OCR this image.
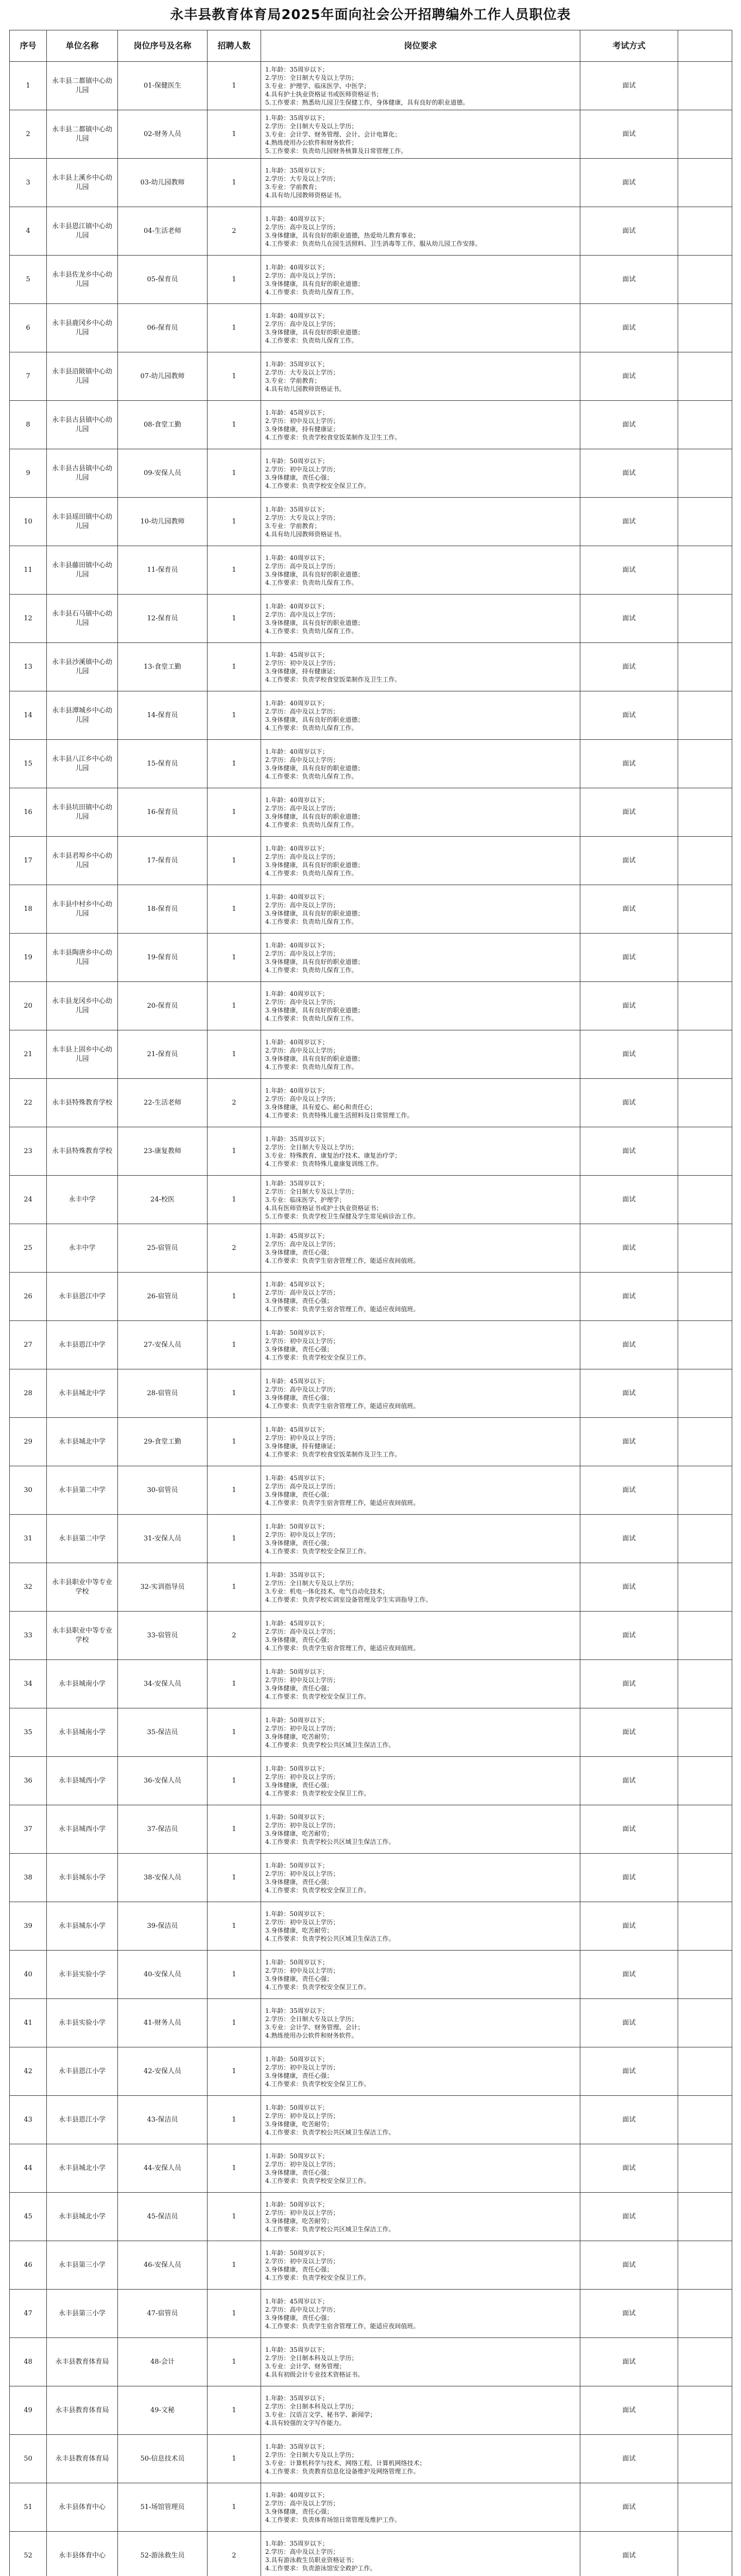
永丰县教育体育局2025年面向社会公开招聘编外工作人员职位表
序号	单位名称	岗位序号及名称	招聘人数	岗位要求	考试方式	
1	永丰县二都镇中心幼儿园	01-保健医生	1	1.年龄：35周岁以下；
2.学历：全日制大专及以上学历；
3.专业：护理学、临床医学、中医学；
4.具有护士执业资格证书或医师资格证书；
5.工作要求：熟悉幼儿园卫生保健工作，身体健康，具有良好的职业道德。	面试	
2	永丰县二都镇中心幼儿园	02-财务人员	1	1.年龄：35周岁以下；
2.学历：全日制大专及以上学历；
3.专业：会计学、财务管理、会计、会计电算化；
4.熟练使用办公软件和财务软件；
5.工作要求：负责幼儿园财务核算及日常管理工作。	面试	
3	永丰县上溪乡中心幼儿园	03-幼儿园教师	1	1.年龄：35周岁以下；
2.学历：大专及以上学历；
3.专业：学前教育；
4.具有幼儿园教师资格证书。	面试	
4	永丰县恩江镇中心幼儿园	04-生活老师	2	1.年龄：40周岁以下；
2.学历：高中及以上学历；
3.身体健康，具有良好的职业道德，热爱幼儿教育事业；
4.工作要求：负责幼儿在园生活照料、卫生消毒等工作，服从幼儿园工作安排。	面试	
5	永丰县佐龙乡中心幼儿园	05-保育员	1	1.年龄：40周岁以下；
2.学历：高中及以上学历；
3.身体健康，具有良好的职业道德；
4.工作要求：负责幼儿保育工作。	面试	
6	永丰县鹿冈乡中心幼儿园	06-保育员	1	1.年龄：40周岁以下；
2.学历：高中及以上学历；
3.身体健康，具有良好的职业道德；
4.工作要求：负责幼儿保育工作。	面试	
7	永丰县沿陂镇中心幼儿园	07-幼儿园教师	1	1.年龄：35周岁以下；
2.学历：大专及以上学历；
3.专业：学前教育；
4.具有幼儿园教师资格证书。	面试	
8	永丰县古县镇中心幼儿园	08-食堂工勤	1	1.年龄：45周岁以下；
2.学历：初中及以上学历；
3.身体健康，持有健康证；
4.工作要求：负责学校食堂饭菜制作及卫生工作。	面试	
9	永丰县古县镇中心幼儿园	09-安保人员	1	1.年龄：50周岁以下；
2.学历：初中及以上学历；
3.身体健康，责任心强；
4.工作要求：负责学校安全保卫工作。	面试	
10	永丰县瑶田镇中心幼儿园	10-幼儿园教师	1	1.年龄：35周岁以下；
2.学历：大专及以上学历；
3.专业：学前教育；
4.具有幼儿园教师资格证书。	面试	
11	永丰县藤田镇中心幼儿园	11-保育员	1	1.年龄：40周岁以下；
2.学历：高中及以上学历；
3.身体健康，具有良好的职业道德；
4.工作要求：负责幼儿保育工作。	面试	
12	永丰县石马镇中心幼儿园	12-保育员	1	1.年龄：40周岁以下；
2.学历：高中及以上学历；
3.身体健康，具有良好的职业道德；
4.工作要求：负责幼儿保育工作。	面试	
13	永丰县沙溪镇中心幼儿园	13-食堂工勤	1	1.年龄：45周岁以下；
2.学历：初中及以上学历；
3.身体健康，持有健康证；
4.工作要求：负责学校食堂饭菜制作及卫生工作。	面试	
14	永丰县潭城乡中心幼儿园	14-保育员	1	1.年龄：40周岁以下；
2.学历：高中及以上学历；
3.身体健康，具有良好的职业道德；
4.工作要求：负责幼儿保育工作。	面试	
15	永丰县八江乡中心幼儿园	15-保育员	1	1.年龄：40周岁以下；
2.学历：高中及以上学历；
3.身体健康，具有良好的职业道德；
4.工作要求：负责幼儿保育工作。	面试	
16	永丰县坑田镇中心幼儿园	16-保育员	1	1.年龄：40周岁以下；
2.学历：高中及以上学历；
3.身体健康，具有良好的职业道德；
4.工作要求：负责幼儿保育工作。	面试	
17	永丰县君埠乡中心幼儿园	17-保育员	1	1.年龄：40周岁以下；
2.学历：高中及以上学历；
3.身体健康，具有良好的职业道德；
4.工作要求：负责幼儿保育工作。	面试	
18	永丰县中村乡中心幼儿园	18-保育员	1	1.年龄：40周岁以下；
2.学历：高中及以上学历；
3.身体健康，具有良好的职业道德；
4.工作要求：负责幼儿保育工作。	面试	
19	永丰县陶唐乡中心幼儿园	19-保育员	1	1.年龄：40周岁以下；
2.学历：高中及以上学历；
3.身体健康，具有良好的职业道德；
4.工作要求：负责幼儿保育工作。	面试	
20	永丰县龙冈乡中心幼儿园	20-保育员	1	1.年龄：40周岁以下；
2.学历：高中及以上学历；
3.身体健康，具有良好的职业道德；
4.工作要求：负责幼儿保育工作。	面试	
21	永丰县上固乡中心幼儿园	21-保育员	1	1.年龄：40周岁以下；
2.学历：高中及以上学历；
3.身体健康，具有良好的职业道德；
4.工作要求：负责幼儿保育工作。	面试	
22	永丰县特殊教育学校	22-生活老师	2	1.年龄：40周岁以下；
2.学历：高中及以上学历；
3.身体健康，具有爱心、耐心和责任心；
4.工作要求：负责特殊儿童生活照料及日常管理工作。	面试	
23	永丰县特殊教育学校	23-康复教师	1	1.年龄：35周岁以下；
2.学历：全日制大专及以上学历；
3.专业：特殊教育、康复治疗技术、康复治疗学；
4.工作要求：负责特殊儿童康复训练工作。	面试	
24	永丰中学	24-校医	1	1.年龄：35周岁以下；
2.学历：全日制大专及以上学历；
3.专业：临床医学、护理学；
4.具有医师资格证书或护士执业资格证书；
5.工作要求：负责学校卫生保健及学生常见病诊治工作。	面试	
25	永丰中学	25-宿管员	2	1.年龄：45周岁以下；
2.学历：高中及以上学历；
3.身体健康，责任心强；
4.工作要求：负责学生宿舍管理工作，能适应夜间值班。	面试	
26	永丰县恩江中学	26-宿管员	1	1.年龄：45周岁以下；
2.学历：高中及以上学历；
3.身体健康，责任心强；
4.工作要求：负责学生宿舍管理工作，能适应夜间值班。	面试	
27	永丰县恩江中学	27-安保人员	1	1.年龄：50周岁以下；
2.学历：初中及以上学历；
3.身体健康，责任心强；
4.工作要求：负责学校安全保卫工作。	面试	
28	永丰县城北中学	28-宿管员	1	1.年龄：45周岁以下；
2.学历：高中及以上学历；
3.身体健康，责任心强；
4.工作要求：负责学生宿舍管理工作，能适应夜间值班。	面试	
29	永丰县城北中学	29-食堂工勤	1	1.年龄：45周岁以下；
2.学历：初中及以上学历；
3.身体健康，持有健康证；
4.工作要求：负责学校食堂饭菜制作及卫生工作。	面试	
30	永丰县第二中学	30-宿管员	1	1.年龄：45周岁以下；
2.学历：高中及以上学历；
3.身体健康，责任心强；
4.工作要求：负责学生宿舍管理工作，能适应夜间值班。	面试	
31	永丰县第二中学	31-安保人员	1	1.年龄：50周岁以下；
2.学历：初中及以上学历；
3.身体健康，责任心强；
4.工作要求：负责学校安全保卫工作。	面试	
32	永丰县职业中等专业学校	32-实训指导员	1	1.年龄：35周岁以下；
2.学历：全日制大专及以上学历；
3.专业：机电一体化技术、电气自动化技术；
4.工作要求：负责学校实训室设备管理及学生实训指导工作。	面试	
33	永丰县职业中等专业学校	33-宿管员	2	1.年龄：45周岁以下；
2.学历：高中及以上学历；
3.身体健康，责任心强；
4.工作要求：负责学生宿舍管理工作，能适应夜间值班。	面试	
34	永丰县城南小学	34-安保人员	1	1.年龄：50周岁以下；
2.学历：初中及以上学历；
3.身体健康，责任心强；
4.工作要求：负责学校安全保卫工作。	面试	
35	永丰县城南小学	35-保洁员	1	1.年龄：50周岁以下；
2.学历：初中及以上学历；
3.身体健康，吃苦耐劳；
4.工作要求：负责学校公共区域卫生保洁工作。	面试	
36	永丰县城西小学	36-安保人员	1	1.年龄：50周岁以下；
2.学历：初中及以上学历；
3.身体健康，责任心强；
4.工作要求：负责学校安全保卫工作。	面试	
37	永丰县城西小学	37-保洁员	1	1.年龄：50周岁以下；
2.学历：初中及以上学历；
3.身体健康，吃苦耐劳；
4.工作要求：负责学校公共区域卫生保洁工作。	面试	
38	永丰县城东小学	38-安保人员	1	1.年龄：50周岁以下；
2.学历：初中及以上学历；
3.身体健康，责任心强；
4.工作要求：负责学校安全保卫工作。	面试	
39	永丰县城东小学	39-保洁员	1	1.年龄：50周岁以下；
2.学历：初中及以上学历；
3.身体健康，吃苦耐劳；
4.工作要求：负责学校公共区域卫生保洁工作。	面试	
40	永丰县实验小学	40-安保人员	1	1.年龄：50周岁以下；
2.学历：初中及以上学历；
3.身体健康，责任心强；
4.工作要求：负责学校安全保卫工作。	面试	
41	永丰县实验小学	41-财务人员	1	1.年龄：35周岁以下；
2.学历：全日制大专及以上学历；
3.专业：会计学、财务管理、会计；
4.熟练使用办公软件和财务软件。	面试	
42	永丰县恩江小学	42-安保人员	1	1.年龄：50周岁以下；
2.学历：初中及以上学历；
3.身体健康，责任心强；
4.工作要求：负责学校安全保卫工作。	面试	
43	永丰县恩江小学	43-保洁员	1	1.年龄：50周岁以下；
2.学历：初中及以上学历；
3.身体健康，吃苦耐劳；
4.工作要求：负责学校公共区域卫生保洁工作。	面试	
44	永丰县城北小学	44-安保人员	1	1.年龄：50周岁以下；
2.学历：初中及以上学历；
3.身体健康，责任心强；
4.工作要求：负责学校安全保卫工作。	面试	
45	永丰县城北小学	45-保洁员	1	1.年龄：50周岁以下；
2.学历：初中及以上学历；
3.身体健康，吃苦耐劳；
4.工作要求：负责学校公共区域卫生保洁工作。	面试	
46	永丰县第三小学	46-安保人员	1	1.年龄：50周岁以下；
2.学历：初中及以上学历；
3.身体健康，责任心强；
4.工作要求：负责学校安全保卫工作。	面试	
47	永丰县第三小学	47-宿管员	1	1.年龄：45周岁以下；
2.学历：高中及以上学历；
3.身体健康，责任心强；
4.工作要求：负责学生宿舍管理工作，能适应夜间值班。	面试	
48	永丰县教育体育局	48-会计	1	1.年龄：35周岁以下；
2.学历：全日制本科及以上学历；
3.专业：会计学、财务管理；
4.具有初级会计专业技术资格证书。	面试	
49	永丰县教育体育局	49-文秘	1	1.年龄：35周岁以下；
2.学历：全日制本科及以上学历；
3.专业：汉语言文学、秘书学、新闻学；
4.具有较强的文字写作能力。	面试	
50	永丰县教育体育局	50-信息技术员	1	1.年龄：35周岁以下；
2.学历：全日制大专及以上学历；
3.专业：计算机科学与技术、网络工程、计算机网络技术；
4.工作要求：负责教育信息化设备维护及网络管理工作。	面试	
51	永丰县体育中心	51-场馆管理员	1	1.年龄：40周岁以下；
2.学历：高中及以上学历；
3.身体健康，责任心强；
4.工作要求：负责体育场馆日常管理及维护工作。	面试	
52	永丰县体育中心	52-游泳救生员	2	1.年龄：35周岁以下；
2.学历：高中及以上学历；
3.具有游泳救生员职业资格证书；
4.工作要求：负责游泳馆安全救护工作。	面试	
